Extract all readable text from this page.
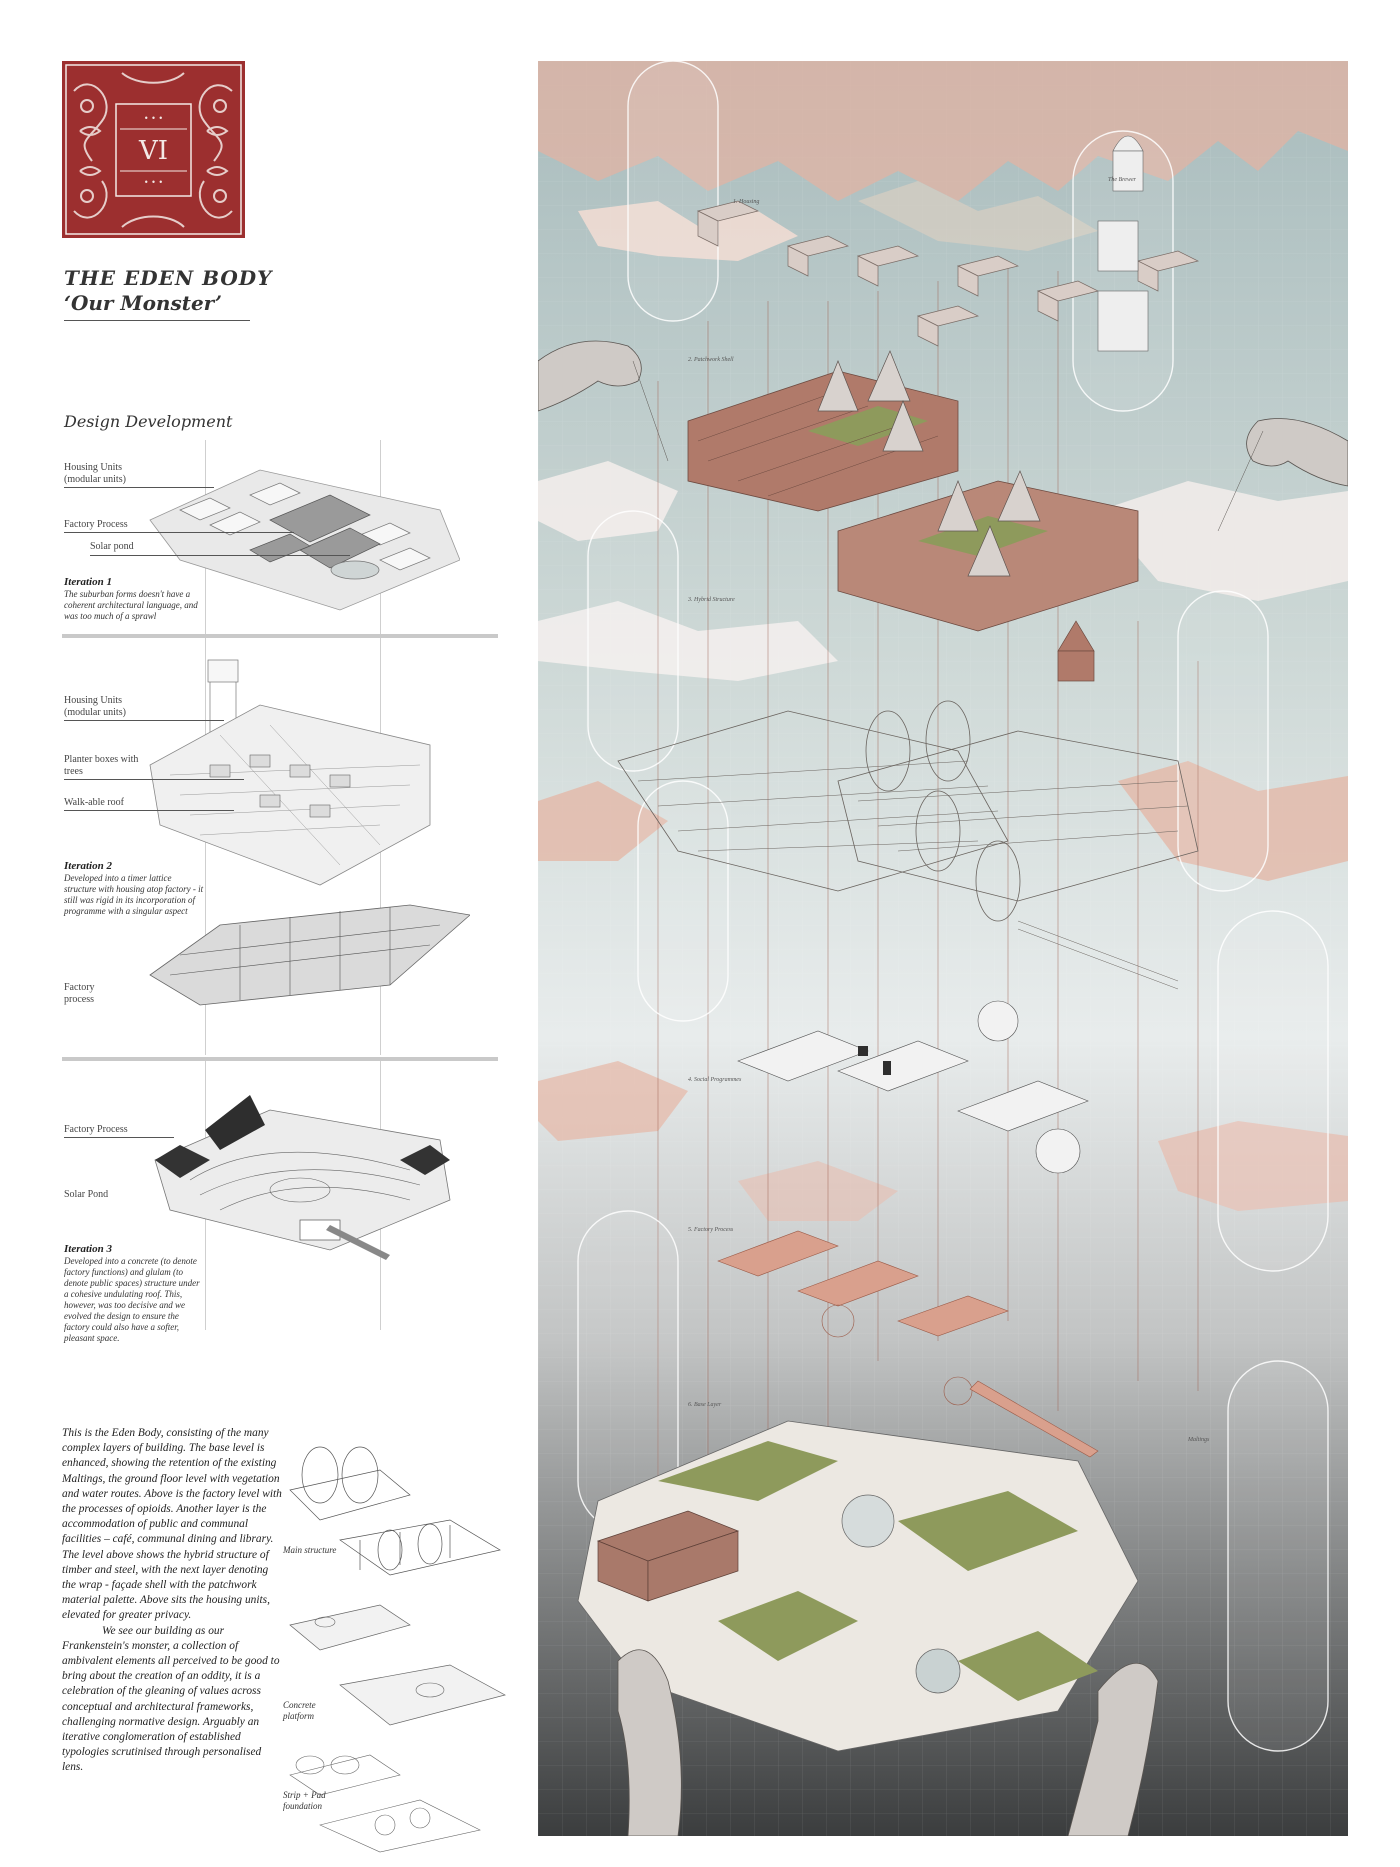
• • •
• • •
VI
THE EDEN BODY
‘Our Monster’
Design Development
Housing Units (modular units)
Factory Process
Solar pond
Iteration 1
The suburban forms doesn't have a coherent architectural language, and was too much of a sprawl
Housing Units (modular units)
Planter boxes with trees
Walk-able roof
Iteration 2
Developed into a timer lattice structure with housing atop factory - it still was rigid in its incorporation of programme with a singular aspect
Factory process
Factory Process
Solar Pond
Iteration 3
Developed into a concrete (to denote factory functions) and glulam (to denote public spaces) structure under a cohesive undulating roof. This, however, was too decisive and we evolved the design to ensure the factory could also have a softer, pleasant space.

This is the Eden Body, consisting of the many complex layers of building. The base level is enhanced, showing the retention of the existing Maltings, the ground floor level with vegetation and water routes. Above is the factory level with the processes of opioids. Another layer is the accommodation of public and communal facilities – café, communal dining and library. The level above shows the hybrid structure of timber and steel, with the next layer denoting the wrap - façade shell with the patchwork material palette. Above sits the housing units, elevated for greater privacy.

We see our building as our Frankenstein's monster, a collection of ambivalent elements all perceived to be good to bring about the creation of an oddity, it is a celebration of the gleaning of values across conceptual and architectural frameworks, challenging normative design. Arguably an iterative conglomeration of established typologies scrutinised through personalised lens.

Main structure
Concrete platform
Strip + Pad foundation
1. Housing
2. Patchwork Shell
3. Hybrid Structure
4. Social Programmes
5. Factory Process
6. Base Layer
The Brewer
Maltings
